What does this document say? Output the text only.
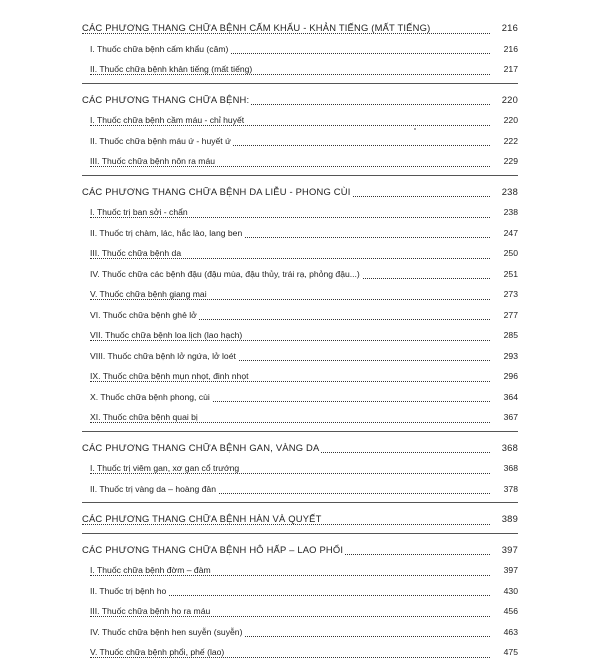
CÁC PHƯƠNG THANG CHỮA BỆNH CẤM KHẨU - KHẢN TIẾNG (MẤT TIẾNG)	216
I. Thuốc chữa bệnh cấm khẩu (câm)	216
II. Thuốc chữa bệnh khản tiếng (mất tiếng)	217
CÁC PHƯƠNG THANG CHỮA BỆNH:	220
I. Thuốc chữa bệnh cầm máu - chỉ huyết	220
II. Thuốc chữa bệnh máu ứ - huyết ứ	222
III. Thuốc chữa bệnh nôn ra máu	229
CÁC PHƯƠNG THANG CHỮA BỆNH DA LIỄU - PHONG CÙI	238
I. Thuốc trị ban sởi - chẩn	238
II. Thuốc trị chàm, lác, hắc lào, lang ben	247
III. Thuốc chữa bệnh da	250
IV. Thuốc chữa các bệnh đậu (đậu mùa, đậu thủy, trái rạ, phỏng đậu...)	251
V. Thuốc chữa bệnh giang mai	273
VI. Thuốc chữa bệnh ghẻ lở	277
VII. Thuốc chữa bệnh loa lịch (lao hạch)	285
VIII. Thuốc chữa bệnh lở ngứa, lở loét	293
IX. Thuốc chữa bệnh mụn nhọt, đinh nhọt	296
X. Thuốc chữa bệnh phong, cùi	364
XI. Thuốc chữa bệnh quai bị	367
CÁC PHƯƠNG THANG CHỮA BỆNH GAN, VÀNG DA	368
I. Thuốc trị viêm gan, xơ gan cổ trướng	368
II. Thuốc trị vàng da – hoàng đản	378
CÁC PHƯƠNG THANG CHỮA BỆNH HÀN VÀ QUYẾT	389
CÁC PHƯƠNG THANG CHỮA BỆNH HÔ HẤP – LAO PHỔI	397
I. Thuốc chữa bệnh đờm – đàm	397
II. Thuốc trị bệnh ho	430
III. Thuốc chữa bệnh ho ra máu	456
IV. Thuốc chữa bệnh hen suyễn (suyễn)	463
V. Thuốc chữa bệnh phổi, phế (lao)	475
